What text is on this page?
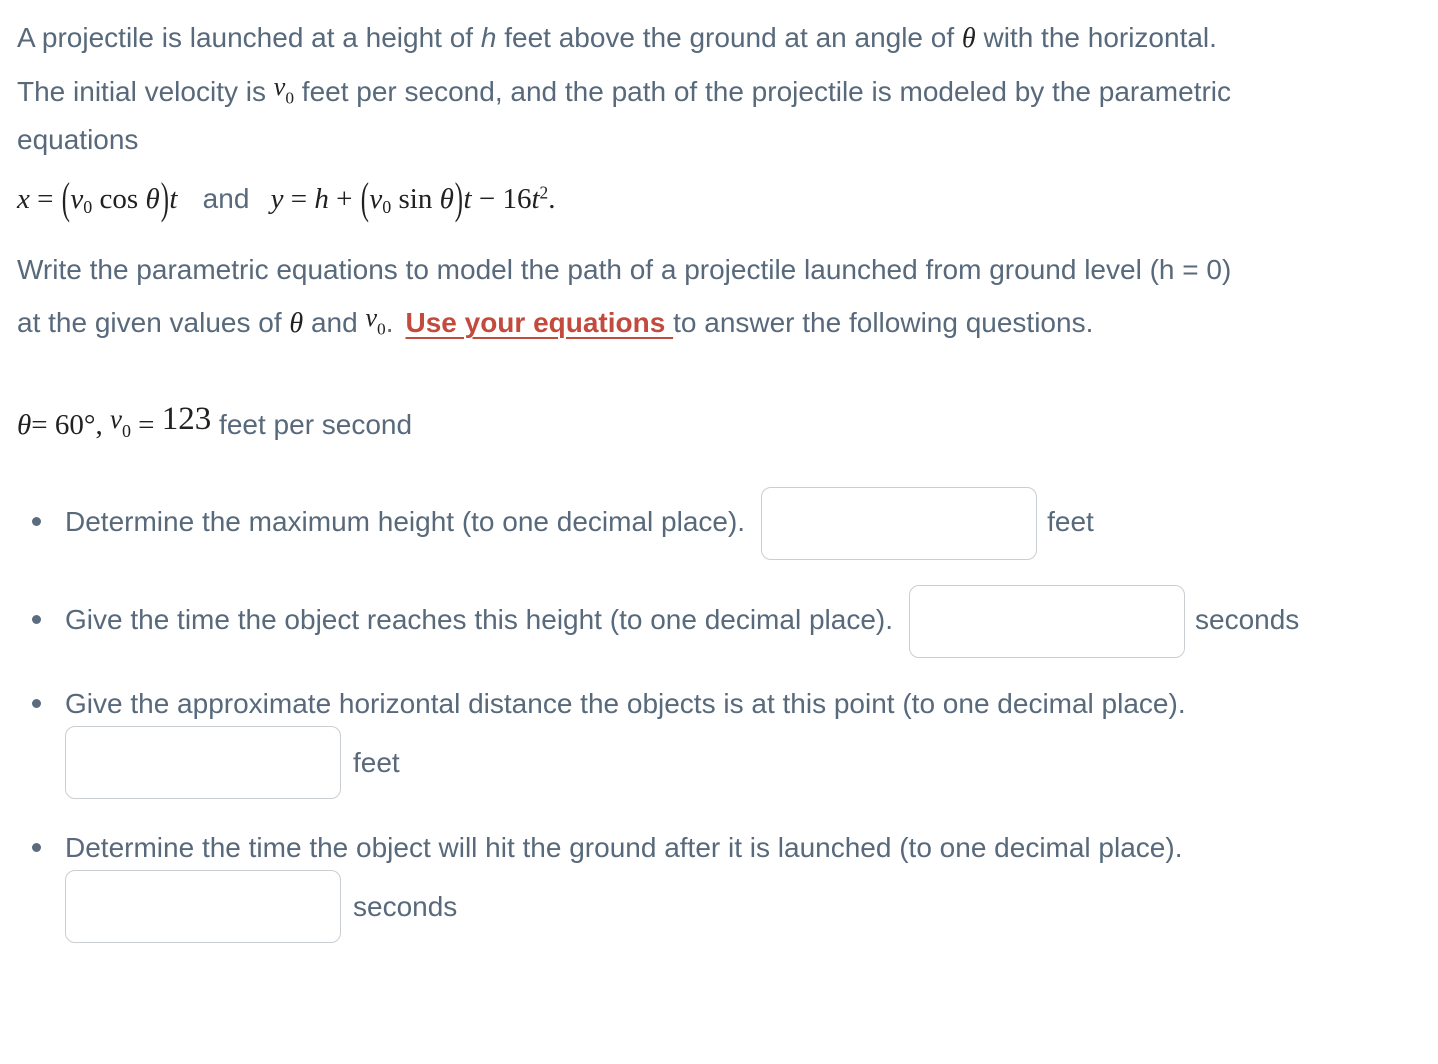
A projectile is launched at a height of h feet above the ground at an angle of θ with the horizontal.
The initial velocity is $v_0$ feet per second, and the path of the projectile is modeled by the parametric
equations

$x = (v_0$ cos θ)t and $y = h + (v_0$ $\sin \theta)t - 16t^2$.

Write the parametric equations to model the path of a projectile launched from ground level (h = 0)
at the given values of θ and $v_0$. Use your equations to answer the following questions.

θ= 60°, $v_0 = 123$ feet per second
Determine the maximum height (to one decimal place).	feet
Give the time the object reaches this height (to one decimal place).	seconds
Give the approximate horizontal distance the objects is at this point (to one decimal place).
feet
Determine the time the object will hit the ground after it is launched (to one decimal place).
seconds
